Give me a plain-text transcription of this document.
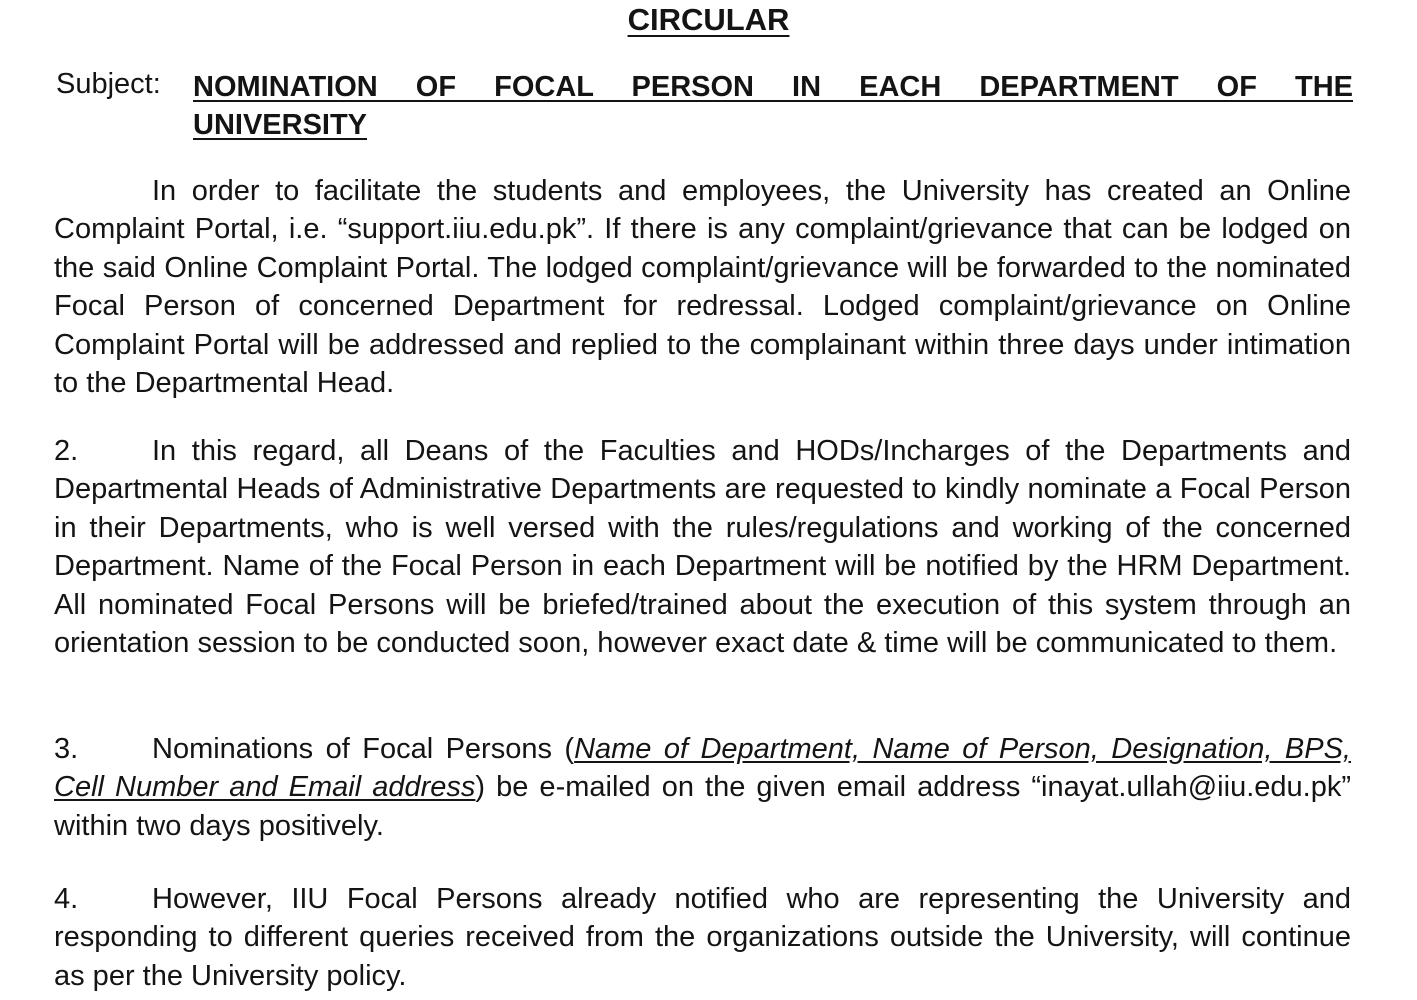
CIRCULAR
Subject: NOMINATION OF FOCAL PERSON IN EACH DEPARTMENT OF THE UNIVERSITY
In order to facilitate the students and employees, the University has created an Online Complaint Portal, i.e. “support.iiu.edu.pk”. If there is any complaint/grievance that can be lodged on the said Online Complaint Portal. The lodged complaint/grievance will be forwarded to the nominated Focal Person of concerned Department for redressal. Lodged complaint/grievance on Online Complaint Portal will be addressed and replied to the complainant within three days under intimation to the Departmental Head.
2.	In this regard, all Deans of the Faculties and HODs/Incharges of the Departments and Departmental Heads of Administrative Departments are requested to kindly nominate a Focal Person in their Departments, who is well versed with the rules/regulations and working of the concerned Department. Name of the Focal Person in each Department will be notified by the HRM Department. All nominated Focal Persons will be briefed/trained about the execution of this system through an orientation session to be conducted soon, however exact date & time will be communicated to them.
3.	Nominations of Focal Persons (Name of Department, Name of Person, Designation, BPS, Cell Number and Email address) be e-mailed on the given email address “inayat.ullah@iiu.edu.pk” within two days positively.
4.	However, IIU Focal Persons already notified who are representing the University and responding to different queries received from the organizations outside the University, will continue as per the University policy.
